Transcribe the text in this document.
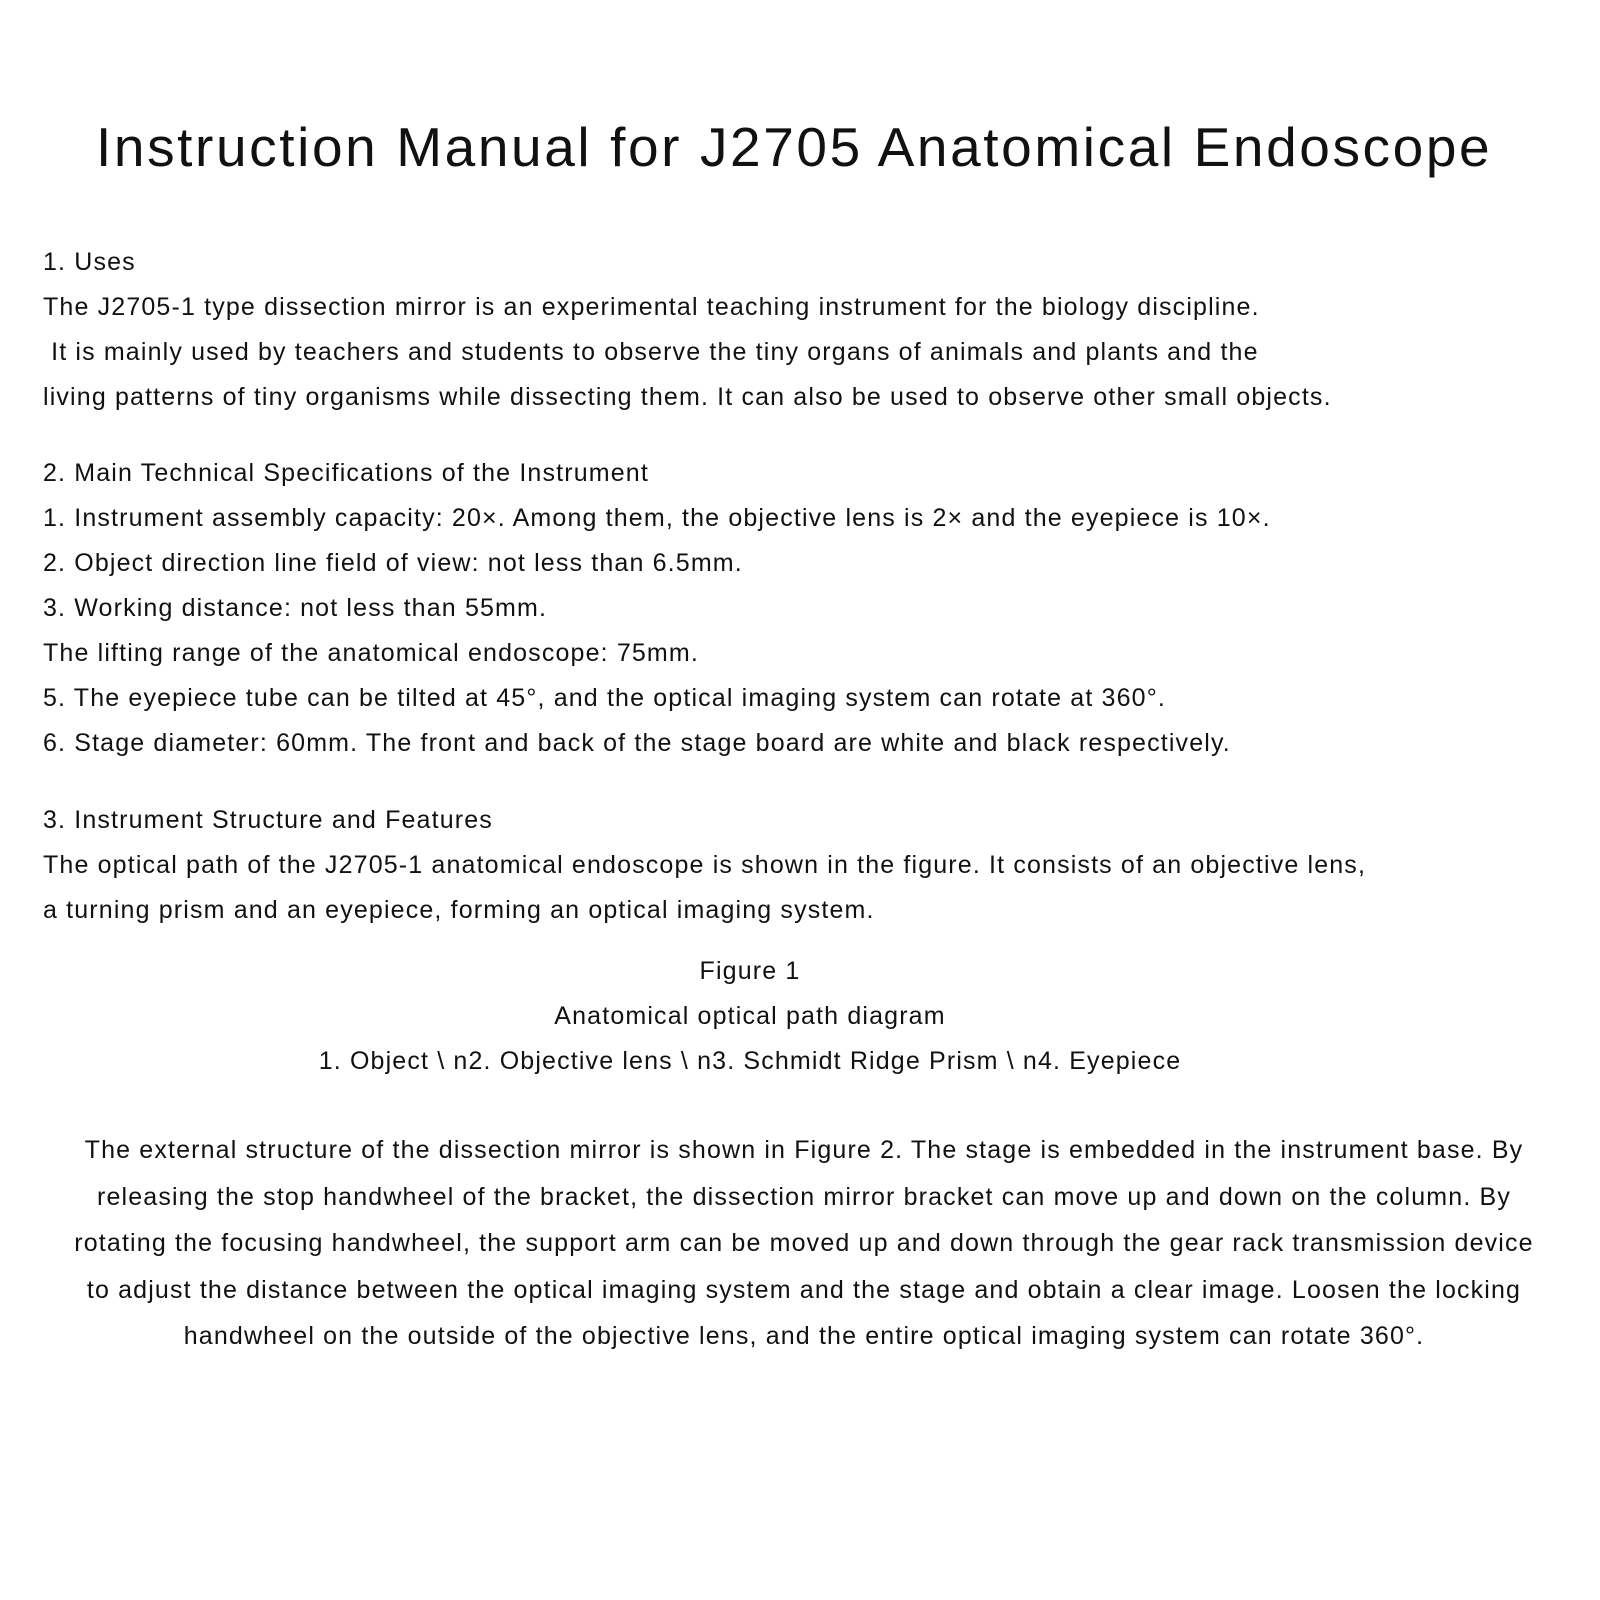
Instruction Manual for J2705 Anatomical Endoscope

1. Uses

The J2705-1 type dissection mirror is an experimental teaching instrument for the biology discipline.

It is mainly used by teachers and students to observe the tiny organs of animals and plants and the

living patterns of tiny organisms while dissecting them. It can also be used to observe other small objects.

2. Main Technical Specifications of the Instrument

1. Instrument assembly capacity: 20×. Among them, the objective lens is 2× and the eyepiece is 10×.

2. Object direction line field of view: not less than 6.5mm.

3. Working distance: not less than 55mm.

The lifting range of the anatomical endoscope: 75mm.

5. The eyepiece tube can be tilted at 45°, and the optical imaging system can rotate at 360°.

6. Stage diameter: 60mm. The front and back of the stage board are white and black respectively.

3. Instrument Structure and Features

The optical path of the J2705-1 anatomical endoscope is shown in the figure. It consists of an objective lens,

a turning prism and an eyepiece, forming an optical imaging system.

Figure 1

Anatomical optical path diagram

1. Object \ n2. Objective lens \ n3. Schmidt Ridge Prism \ n4. Eyepiece

The external structure of the dissection mirror is shown in Figure 2. The stage is embedded in the instrument base. By releasing the stop handwheel of the bracket, the dissection mirror bracket can move up and down on the column. By rotating the focusing handwheel, the support arm can be moved up and down through the gear rack transmission device to adjust the distance between the optical imaging system and the stage and obtain a clear image. Loosen the locking handwheel on the outside of the objective lens, and the entire optical imaging system can rotate 360°.
